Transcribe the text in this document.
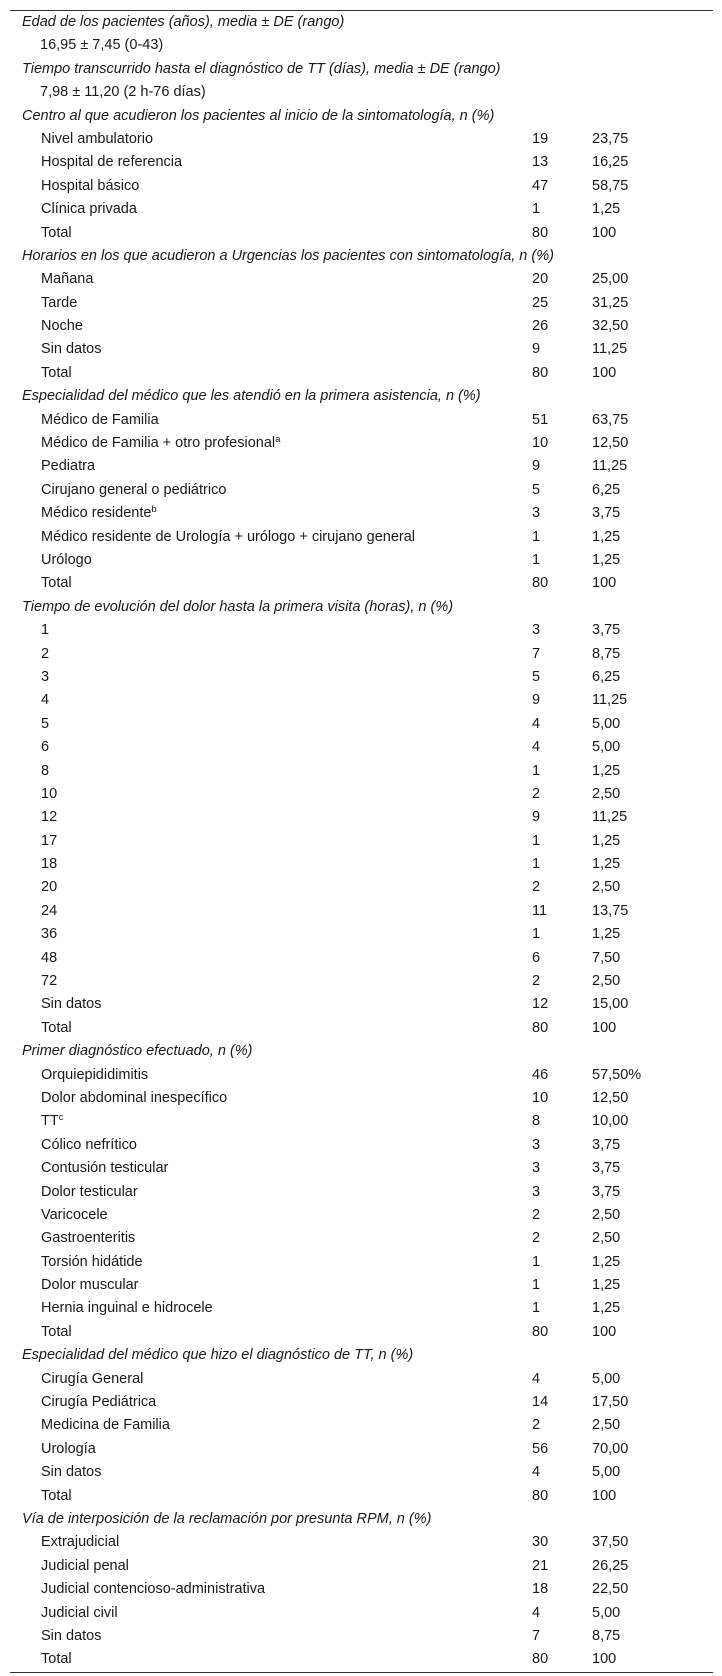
Edad de los pacientes (años), media ± DE (rango)
16,95 ± 7,45 (0-43)
Tiempo transcurrido hasta el diagnóstico de TT (días), media ± DE (rango)
7,98 ± 11,20 (2 h-76 días)
Centro al que acudieron los pacientes al inicio de la sintomatología, n (%)
Nivel ambulatorio	19	23,75
Hospital de referencia	13	16,25
Hospital básico	47	58,75
Clínica privada	1	1,25
Total	80	100
Horarios en los que acudieron a Urgencias los pacientes con sintomatología, n (%)
Mañana	20	25,00
Tarde	25	31,25
Noche	26	32,50
Sin datos	9	11,25
Total	80	100
Especialidad del médico que les atendió en la primera asistencia, n (%)
Médico de Familia	51	63,75
Médico de Familia + otro profesional$^a$	10	12,50
Pediatra	9	11,25
Cirujano general o pediátrico	5	6,25
Médico residente$^b$	3	3,75
Médico residente de Urología + urólogo + cirujano general	1	1,25
Urólogo	1	1,25
Total	80	100
Tiempo de evolución del dolor hasta la primera visita (horas), n (%)
1	3	3,75
2	7	8,75
3	5	6,25
4	9	11,25
5	4	5,00
6	4	5,00
8	1	1,25
10	2	2,50
12	9	11,25
17	1	1,25
18	1	1,25
20	2	2,50
24	11	13,75
36	1	1,25
48	6	7,50
72	2	2,50
Sin datos	12	15,00
Total	80	100
Primer diagnóstico efectuado, n (%)
Orquiepididimitis	46	57,50%
Dolor abdominal inespecífico	10	12,50
$TT^c$	8	10,00
Cólico nefrítico	3	3,75
Contusión testicular	3	3,75
Dolor testicular	3	3,75
Varicocele	2	2,50
Gastroenteritis	2	2,50
Torsión hidátide	1	1,25
Dolor muscular	1	1,25
Hernia inguinal e hidrocele	1	1,25
Total	80	100
Especialidad del médico que hizo el diagnóstico de TT, n (%)
Cirugía General	4	5,00
Cirugía Pediátrica	14	17,50
Medicina de Familia	2	2,50
Urología	56	70,00
Sin datos	4	5,00
Total	80	100
Vía de interposición de la reclamación por presunta RPM, n (%)
Extrajudicial	30	37,50
Judicial penal	21	26,25
Judicial contencioso-administrativa	18	22,50
Judicial civil	4	5,00
Sin datos	7	8,75
Total	80	100
